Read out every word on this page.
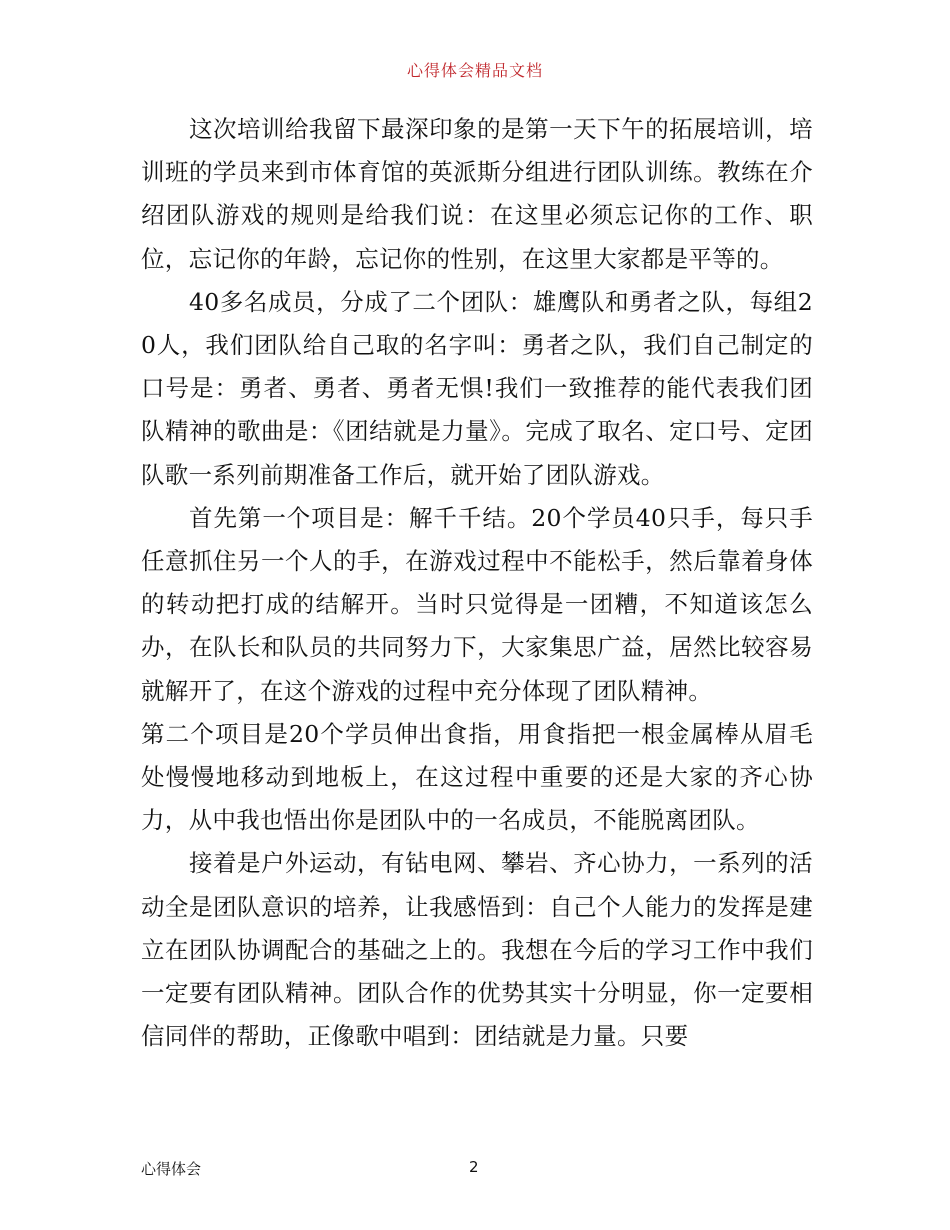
心得体会精品文档

这次培训给我留下最深印象的是第一天下午的拓展培训，培训班的学员来到市体育馆的英派斯分组进行团队训练。教练在介绍团队游戏的规则是给我们说：在这里必须忘记你的工作、职位，忘记你的年龄，忘记你的性别，在这里大家都是平等的。

40多名成员，分成了二个团队：雄鹰队和勇者之队，每组20人，我们团队给自己取的名字叫：勇者之队，我们自己制定的口号是：勇者、勇者、勇者无惧!我们一致推荐的能代表我们团队精神的歌曲是：《团结就是力量》。完成了取名、定口号、定团队歌一系列前期准备工作后，就开始了团队游戏。

首先第一个项目是：解千千结。20个学员40只手，每只手任意抓住另一个人的手，在游戏过程中不能松手，然后靠着身体的转动把打成的结解开。当时只觉得是一团糟，不知道该怎么办，在队长和队员的共同努力下，大家集思广益，居然比较容易就解开了，在这个游戏的过程中充分体现了团队精神。

第二个项目是20个学员伸出食指，用食指把一根金属棒从眉毛处慢慢地移动到地板上，在这过程中重要的还是大家的齐心协力，从中我也悟出你是团队中的一名成员，不能脱离团队。

接着是户外运动，有钻电网、攀岩、齐心协力，一系列的活动全是团队意识的培养，让我感悟到：自己个人能力的发挥是建立在团队协调配合的基础之上的。我想在今后的学习工作中我们一定要有团队精神。团队合作的优势其实十分明显，你一定要相信同伴的帮助，正像歌中唱到：团结就是力量。只要

心得体会	2
